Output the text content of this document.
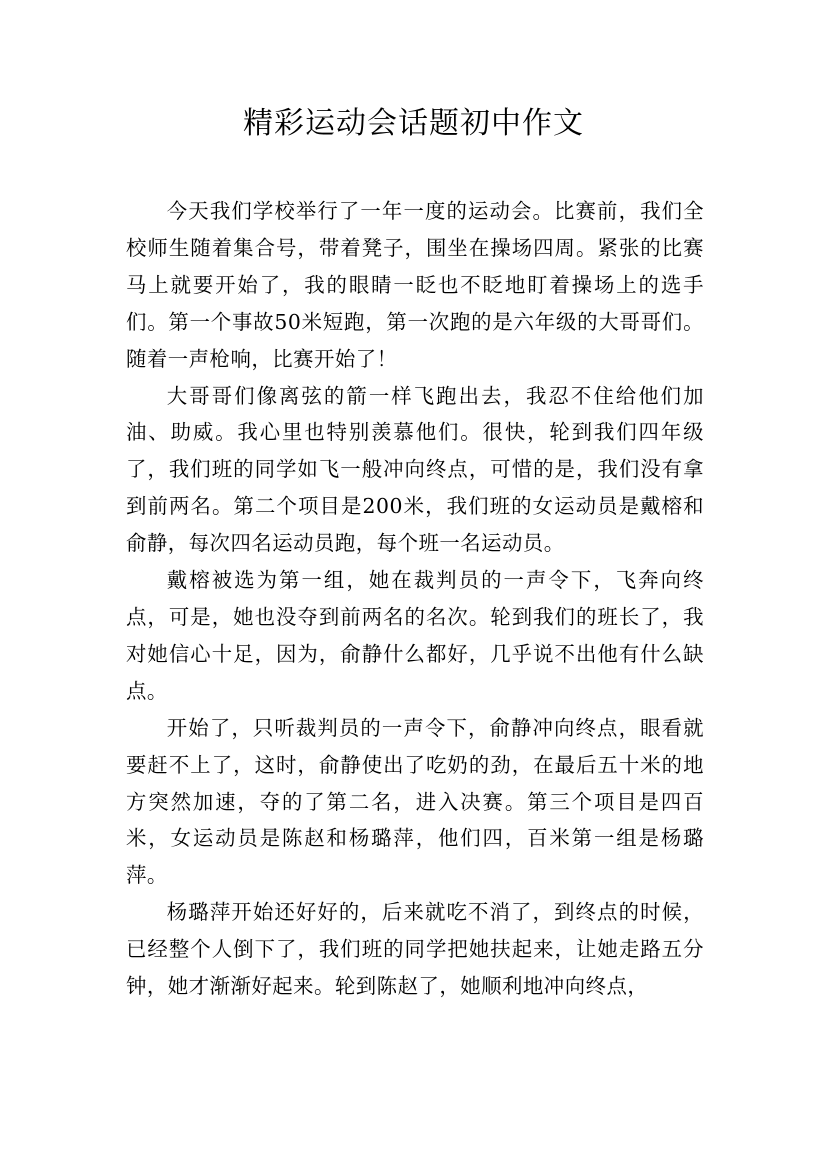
精彩运动会话题初中作文

今天我们学校举行了一年一度的运动会。比赛前，我们全校师生随着集合号，带着凳子，围坐在操场四周。紧张的比赛马上就要开始了，我的眼睛一眨也不眨地盯着操场上的选手们。第一个事故50米短跑，第一次跑的是六年级的大哥哥们。随着一声枪响，比赛开始了！

大哥哥们像离弦的箭一样飞跑出去，我忍不住给他们加油、助威。我心里也特别羡慕他们。很快，轮到我们四年级了，我们班的同学如飞一般冲向终点，可惜的是，我们没有拿到前两名。第二个项目是200米，我们班的女运动员是戴榕和俞静，每次四名运动员跑，每个班一名运动员。

戴榕被选为第一组，她在裁判员的一声令下，飞奔向终点，可是，她也没夺到前两名的名次。轮到我们的班长了，我对她信心十足，因为，俞静什么都好，几乎说不出他有什么缺点。

开始了，只听裁判员的一声令下，俞静冲向终点，眼看就要赶不上了，这时，俞静使出了吃奶的劲，在最后五十米的地方突然加速，夺的了第二名，进入决赛。第三个项目是四百米，女运动员是陈赵和杨璐萍，他们四，百米第一组是杨璐萍。

杨璐萍开始还好好的，后来就吃不消了，到终点的时候，已经整个人倒下了，我们班的同学把她扶起来，让她走路五分钟，她才渐渐好起来。轮到陈赵了，她顺利地冲向终点，
